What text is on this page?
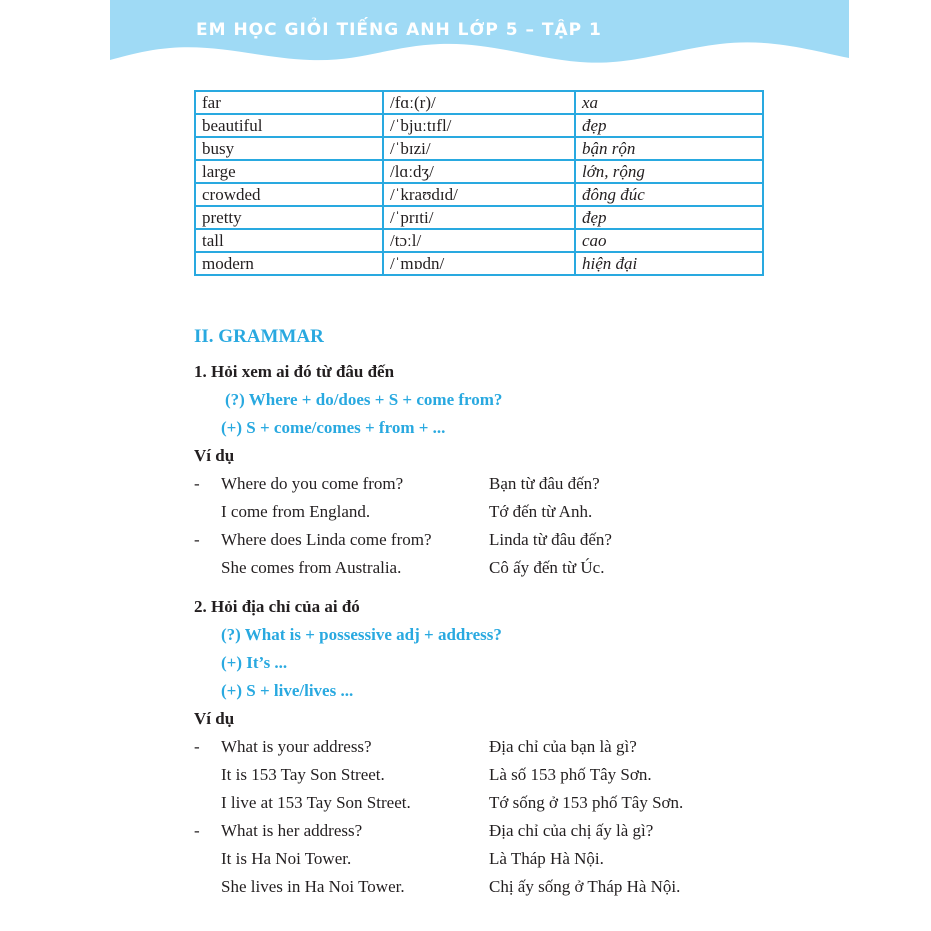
EM HỌC GIỎI TIẾNG ANH LỚP 5 – TẬP 1
far	/fɑː(r)/	xa
beautiful	/ˈbjuːtɪfl/	đẹp
busy	/ˈbɪzi/	bận rộn
large	/lɑːdʒ/	lớn, rộng
crowded	/ˈkraʊdɪd/	đông đúc
pretty	/ˈprɪti/	đẹp
tall	/tɔːl/	cao
modern	/ˈmɒdn/	hiện đại
II. GRAMMAR
1. Hỏi xem ai đó từ đâu đến
(?) Where + do/does + S + come from?
(+) S + come/comes + from + ...
Ví dụ
- Where do you come from?	Bạn từ đâu đến?
I come from England.	Tớ đến từ Anh.
- Where does Linda come from?	Linda từ đâu đến?
She comes from Australia.	Cô ấy đến từ Úc.
2. Hỏi địa chỉ của ai đó
(?) What is + possessive adj + address?
(+) It’s ...
(+) S + live/lives ...
Ví dụ
- What is your address?	Địa chỉ của bạn là gì?
It is 153 Tay Son Street.	Là số 153 phố Tây Sơn.
I live at 153 Tay Son Street.	Tớ sống ở 153 phố Tây Sơn.
- What is her address?	Địa chỉ của chị ấy là gì?
It is Ha Noi Tower.	Là Tháp Hà Nội.
She lives in Ha Noi Tower.	Chị ấy sống ở Tháp Hà Nội.
